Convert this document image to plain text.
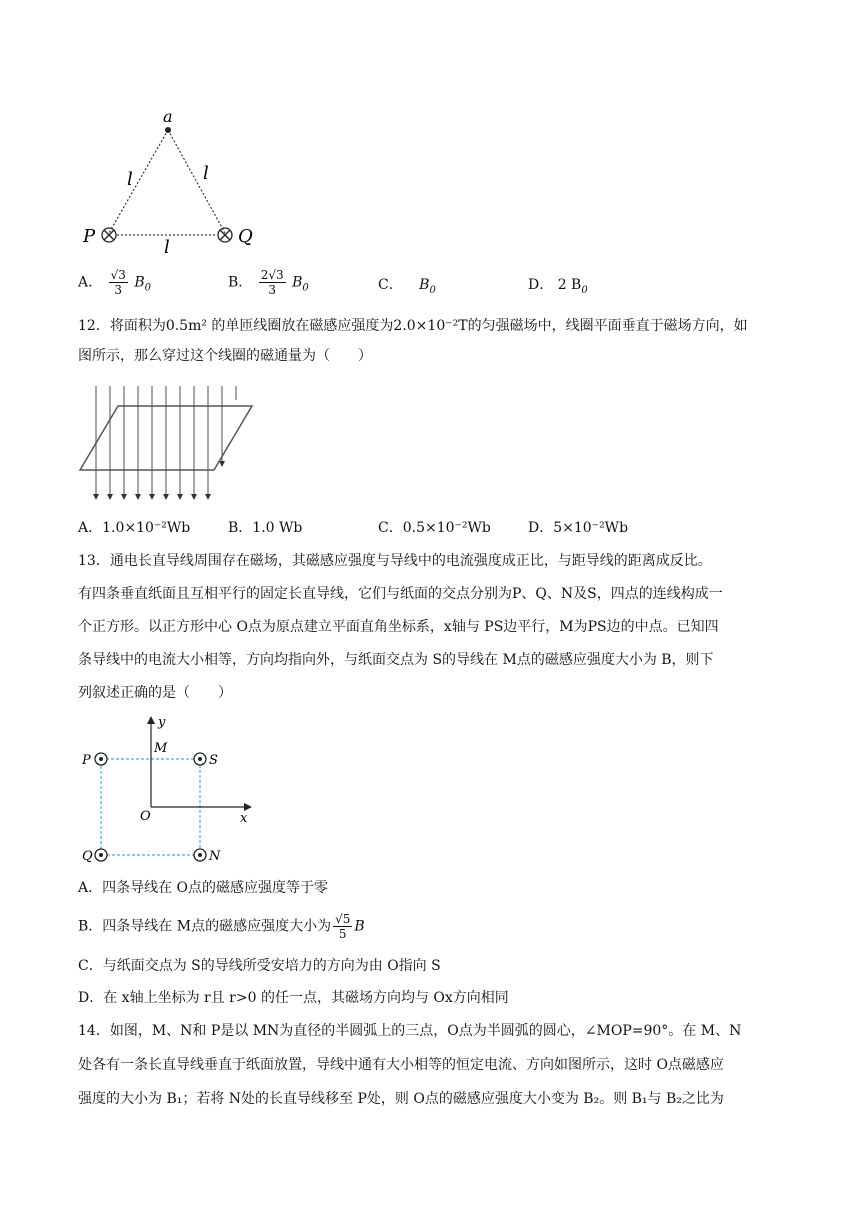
a
l	l
l
P	Q
A． $\frac{√3}{3} B_0$	B． $\frac{2√3}{3} B_0$	C． $B_0$	D． 2 $B_0$
12．将面积为0.5m² 的单匝线圈放在磁感应强度为2.0×10⁻²T的匀强磁场中，线圈平面垂直于磁场方向，如
图所示，那么穿过这个线圈的磁通量为（　　）
A．1.0×10⁻²Wb	B．1.0 Wb	C．0.5×10⁻²Wb	D．5×10⁻²Wb
13．通电长直导线周围存在磁场，其磁感应强度与导线中的电流强度成正比，与距导线的距离成反比。
有四条垂直纸面且互相平行的固定长直导线，它们与纸面的交点分别为P、Q、N及S，四点的连线构成一
个正方形。以正方形中心 O点为原点建立平面直角坐标系，x轴与 PS边平行，M为PS边的中点。已知四
条导线中的电流大小相等，方向均指向外，与纸面交点为 S的导线在 M点的磁感应强度大小为 B，则下
列叙述正确的是（　　）
y
M
P	S
O	x
Q	N
A．四条导线在 O点的磁感应强度等于零
B．四条导线在 M点的磁感应强度大小为 $\frac{√5}{5}$ B
C．与纸面交点为 S的导线所受安培力的方向为由 O指向 S
D．在 x轴上坐标为 r且 r>0 的任一点，其磁场方向均与 Ox方向相同
14．如图，M、N和 P是以 MN为直径的半圆弧上的三点，O点为半圆弧的圆心，∠MOP=90°。在 M、N
处各有一条长直导线垂直于纸面放置，导线中通有大小相等的恒定电流、方向如图所示，这时 O点磁感应
强度的大小为 B₁；若将 N处的长直导线移至 P处，则 O点的磁感应强度大小变为 B₂。则 B₁与 B₂之比为
